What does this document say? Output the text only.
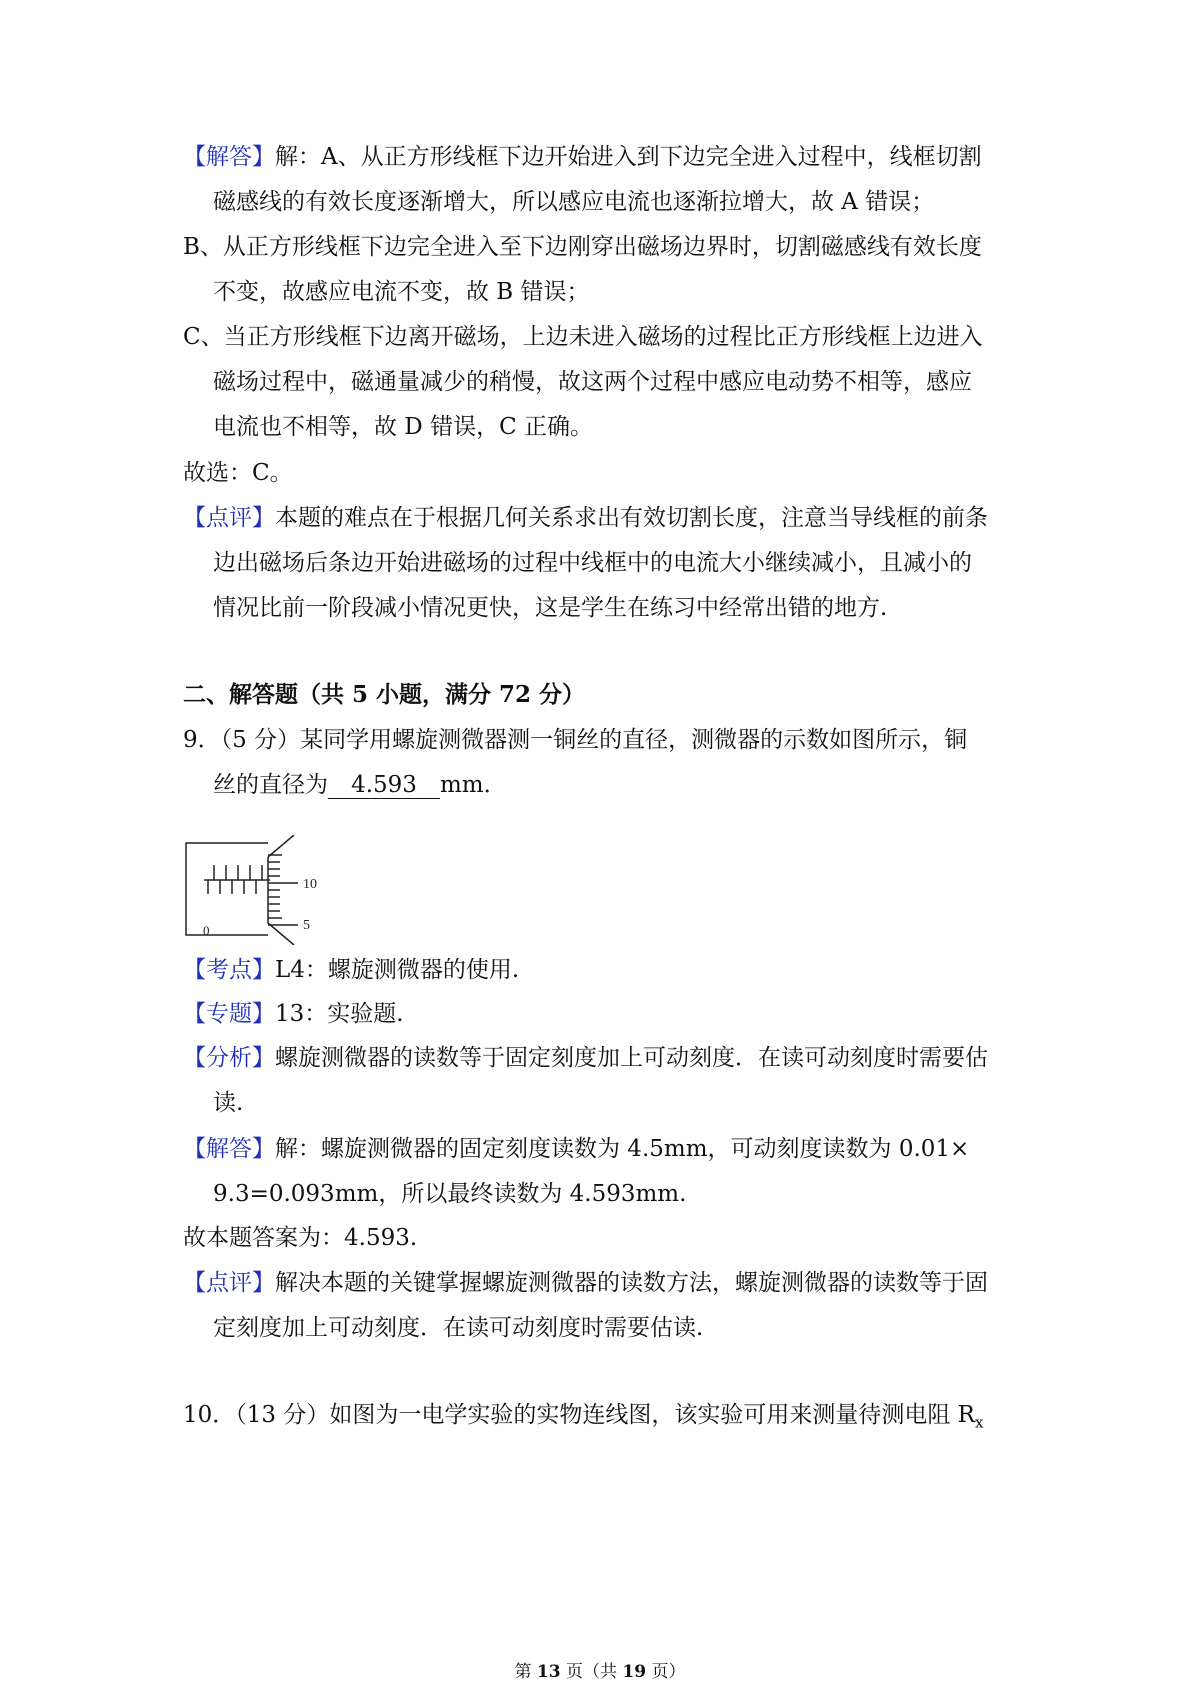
【解答】解：A、从正方形线框下边开始进入到下边完全进入过程中，线框切割
磁感线的有效长度逐渐增大，所以感应电流也逐渐拉增大，故 A 错误；
B、从正方形线框下边完全进入至下边刚穿出磁场边界时，切割磁感线有效长度
不变，故感应电流不变，故 B 错误；
C、当正方形线框下边离开磁场，上边未进入磁场的过程比正方形线框上边进入
磁场过程中，磁通量减少的稍慢，故这两个过程中感应电动势不相等，感应
电流也不相等，故 D 错误，C 正确。
故选：C。
【点评】本题的难点在于根据几何关系求出有效切割长度，注意当导线框的前条
边出磁场后条边开始进磁场的过程中线框中的电流大小继续减小，且减小的
情况比前一阶段减小情况更快，这是学生在练习中经常出错的地方.
二、解答题（共 5 小题，满分 72 分）
9．（5 分）某同学用螺旋测微器测一铜丝的直径，测微器的示数如图所示，铜
丝的直径为 4.593 mm．
10
5
0
【考点】L4：螺旋测微器的使用.
【专题】13：实验题.
【分析】螺旋测微器的读数等于固定刻度加上可动刻度．在读可动刻度时需要估
读.
【解答】解：螺旋测微器的固定刻度读数为 4.5mm，可动刻度读数为 0.01×
9.3=0.093mm，所以最终读数为 4.593mm.
故本题答案为：4.593.
【点评】解决本题的关键掌握螺旋测微器的读数方法，螺旋测微器的读数等于固
定刻度加上可动刻度．在读可动刻度时需要估读.
10．（13 分）如图为一电学实验的实物连线图，该实验可用来测量待测电阻 $R_x$
第 13 页（共 19 页）
